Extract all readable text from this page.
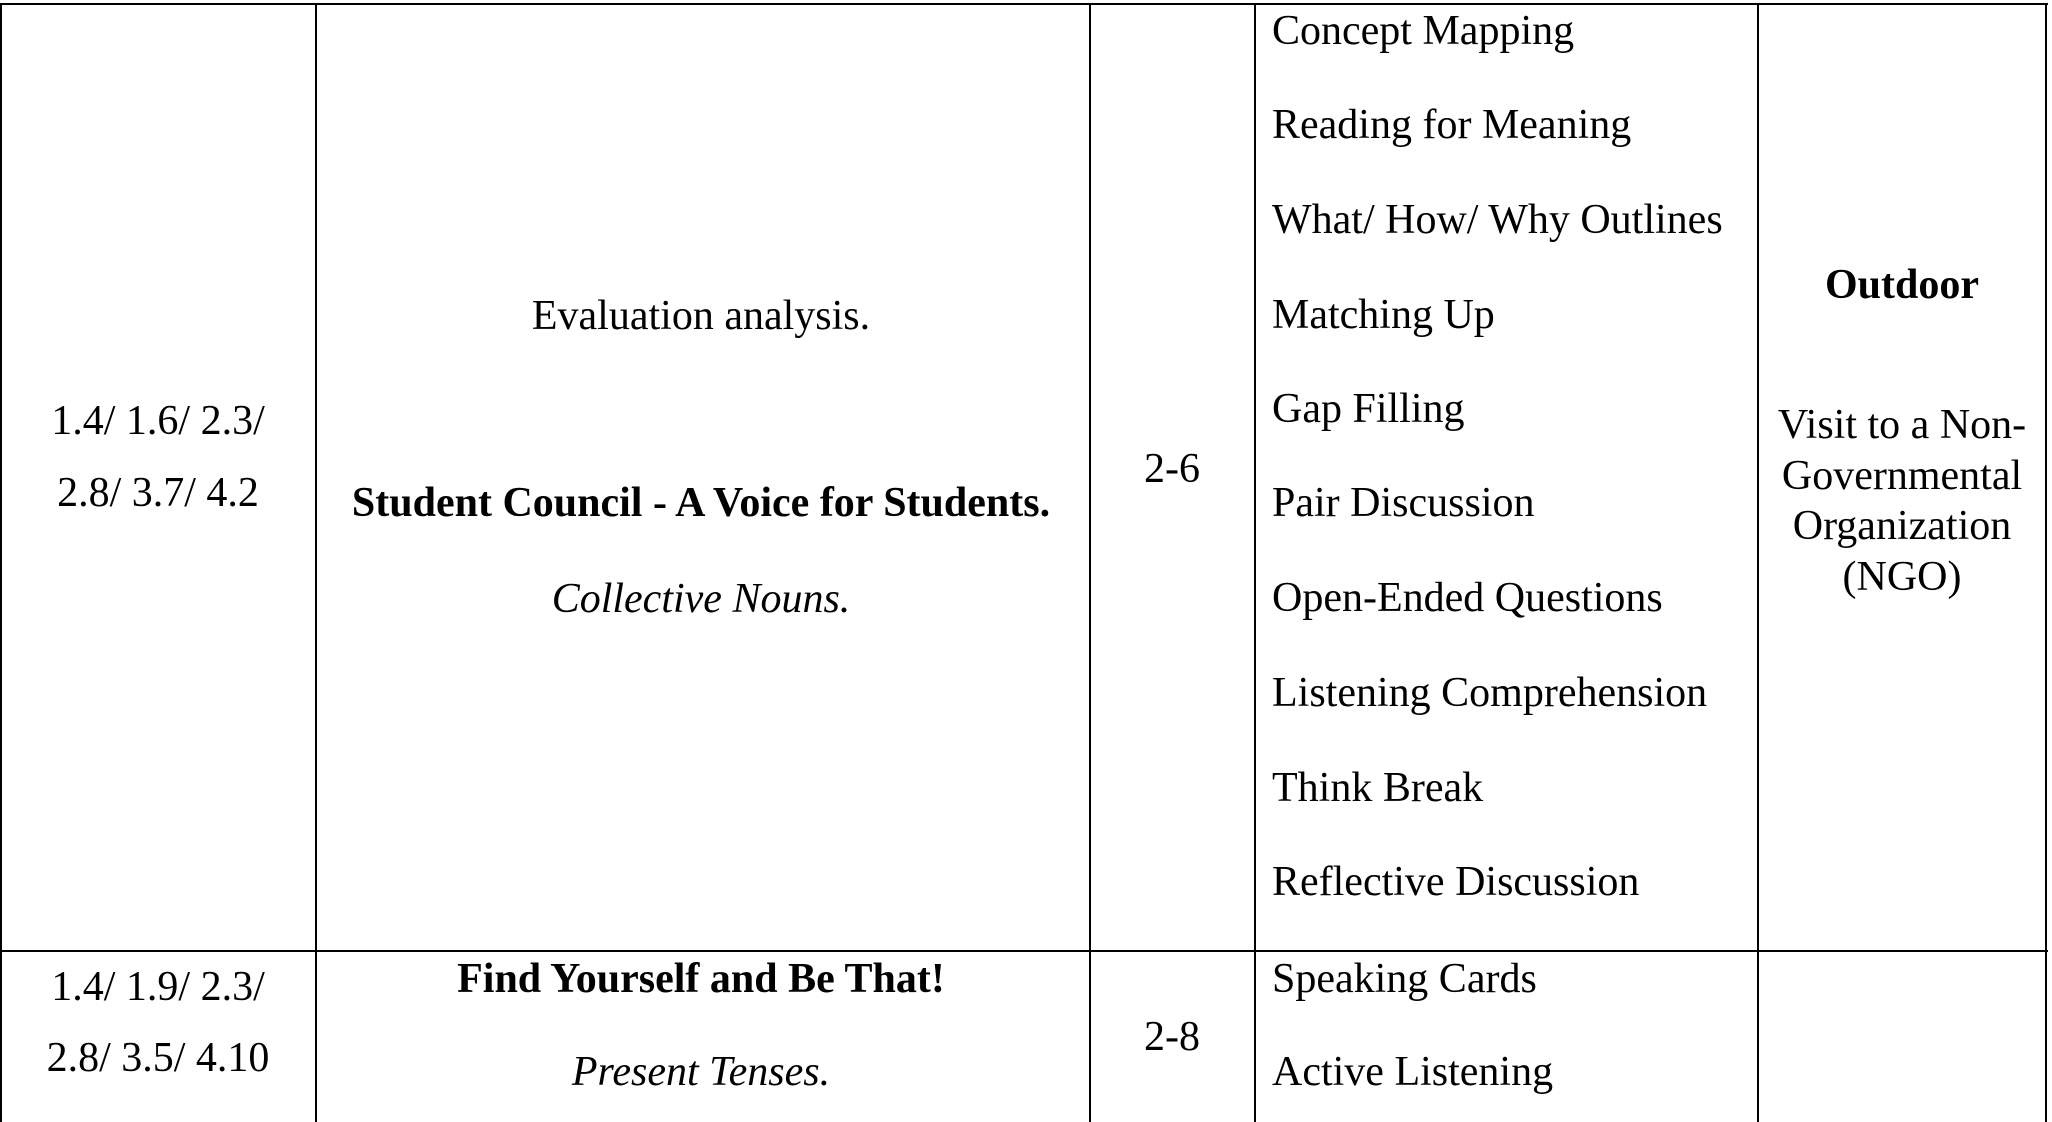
1.4/ 1.6/ 2.3/
2.8/ 3.7/ 4.2
Evaluation analysis.
Student Council - A Voice for Students.
Collective Nouns.
2-6
Concept Mapping
Reading for Meaning
What/ How/ Why Outlines
Matching Up
Gap Filling
Pair Discussion
Open-Ended Questions
Listening Comprehension
Think Break
Reflective Discussion
Outdoor
Visit to a Non-
Governmental
Organization
(NGO)
1.4/ 1.9/ 2.3/
2.8/ 3.5/ 4.10
Find Yourself and Be That!
Present Tenses.
2-8
Speaking Cards
Active Listening
